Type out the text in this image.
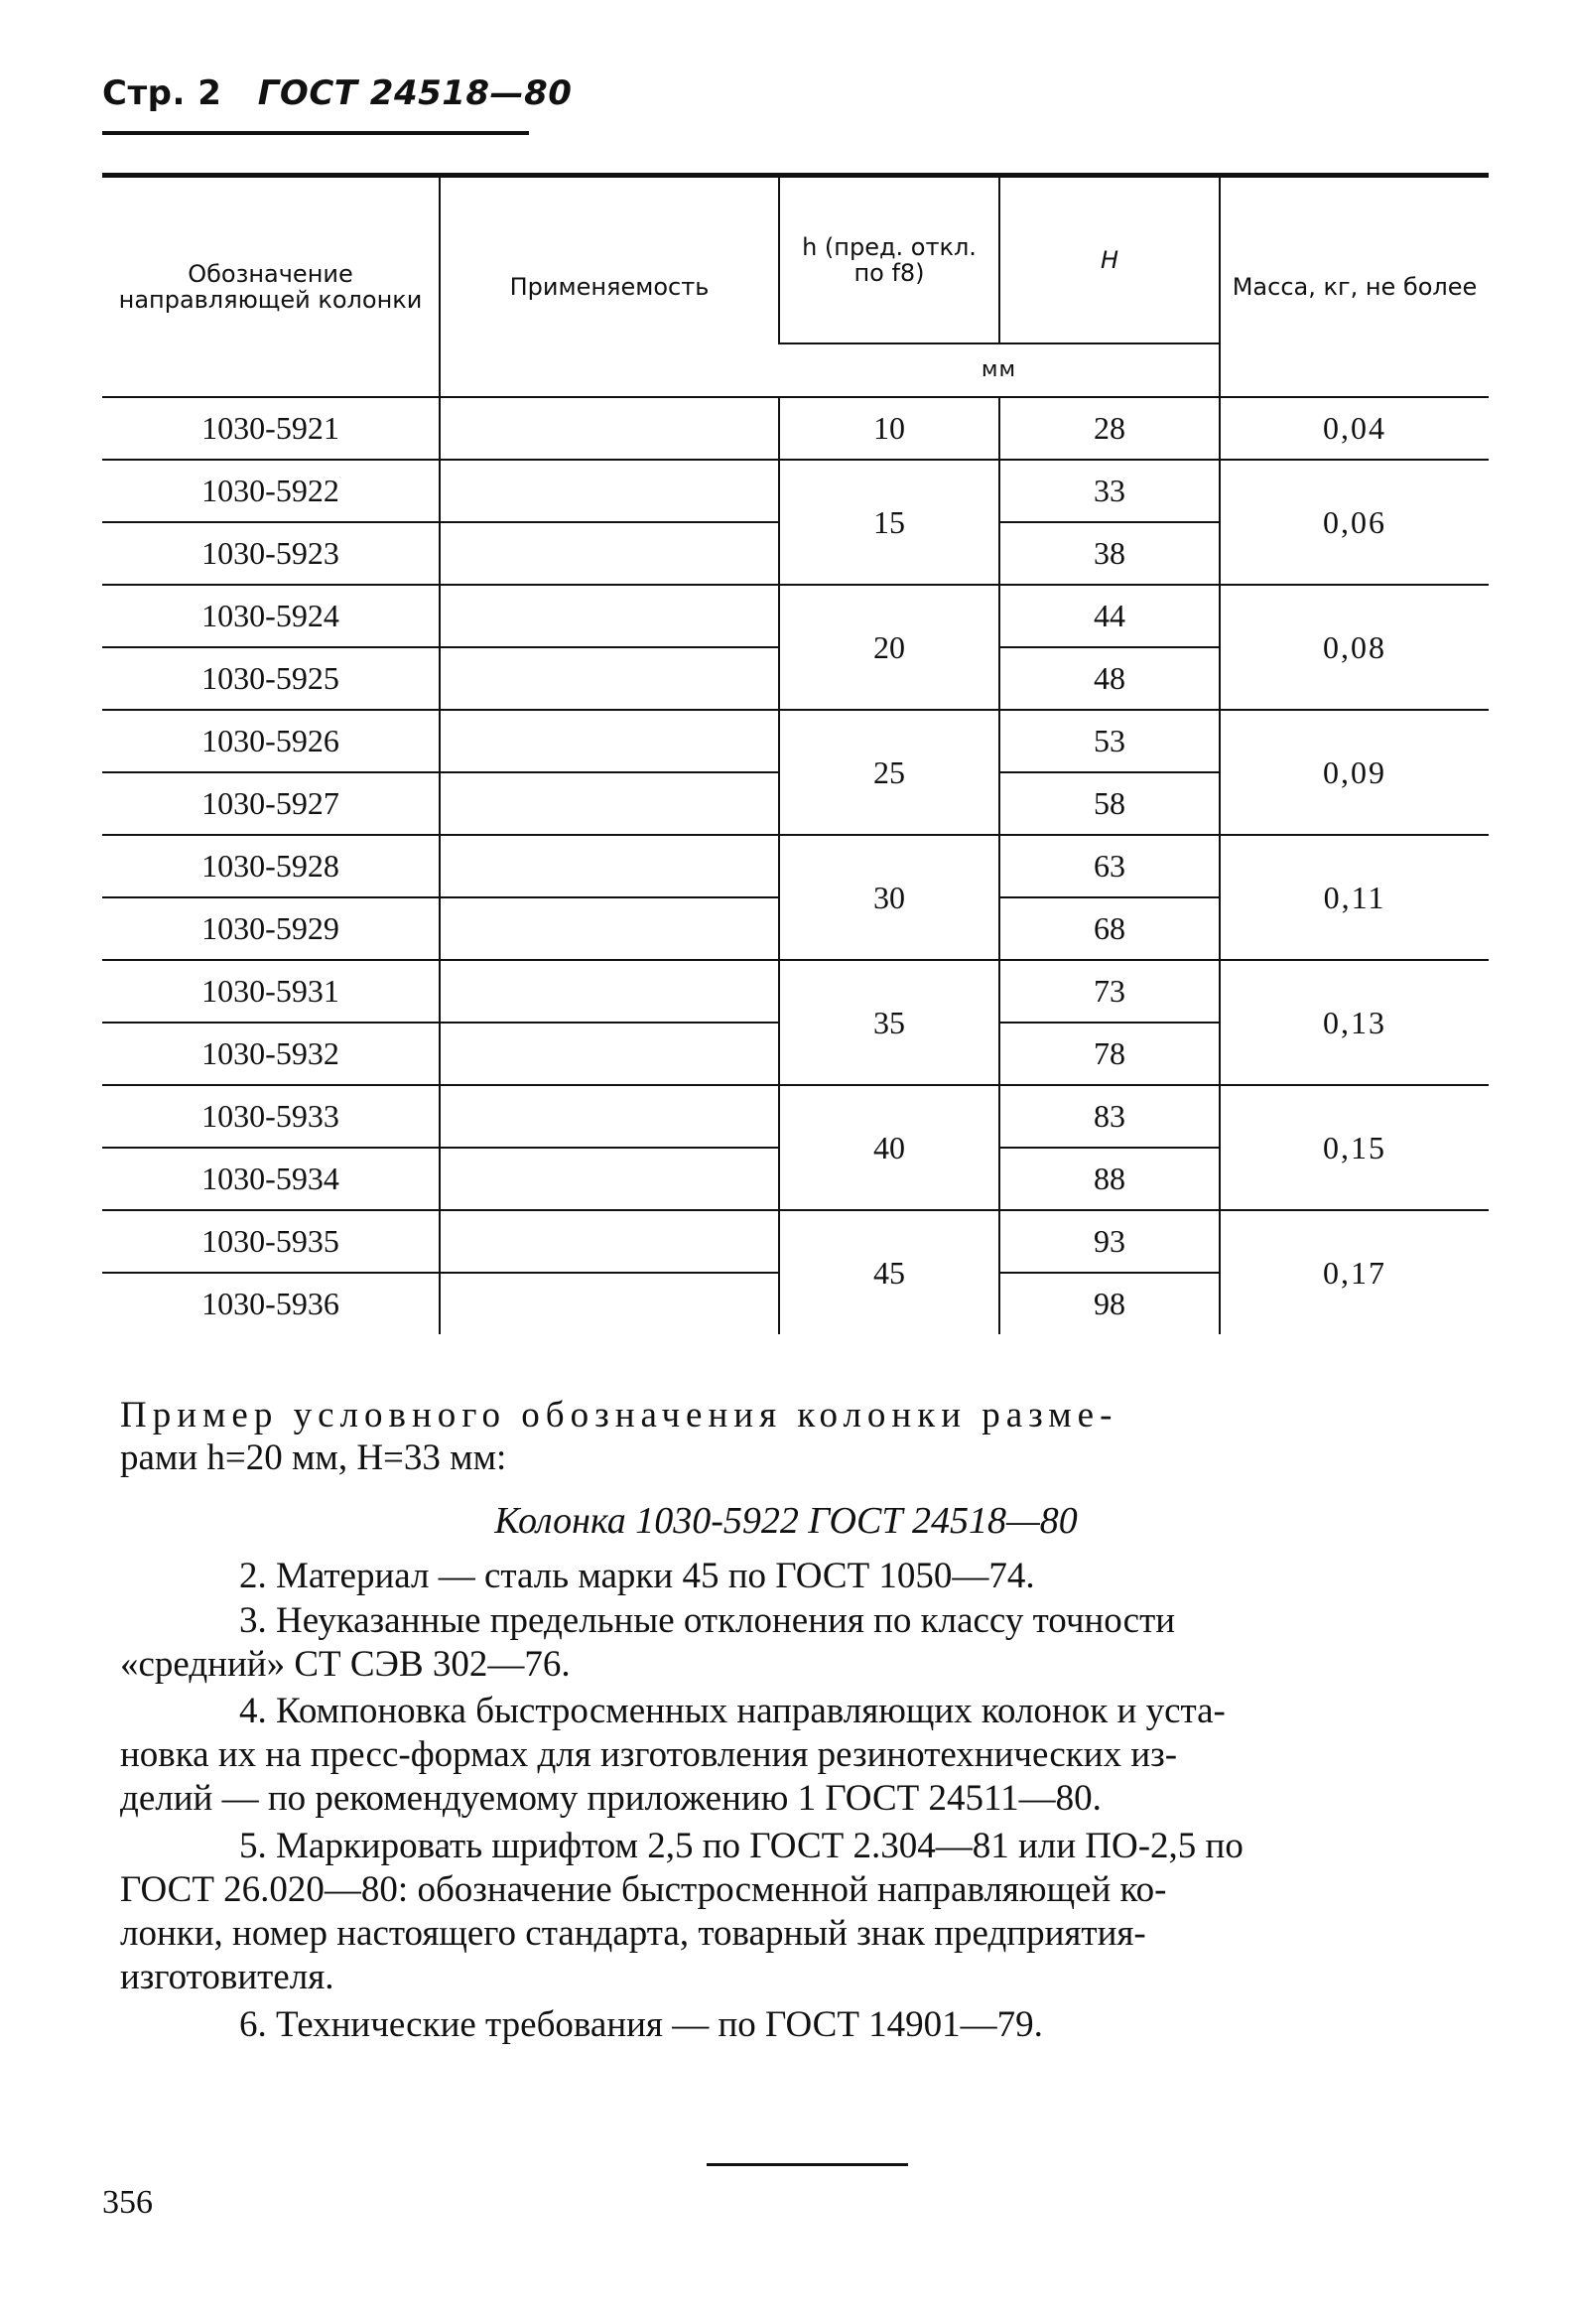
Стр. 2 ГОСТ 24518—80
Обозначение направляющей колонки	Применяемость	h (пред. откл. по f8)	H	Масса, кг, не более
		мм		
1030-5921		10	28	0,04
1030-5922		15	33	0,06
1030-5923			38	
1030-5924		20	44	0,08
1030-5925			48	
1030-5926		25	53	0,09
1030-5927			58	
1030-5928		30	63	0,11
1030-5929			68	
1030-5931		35	73	0,13
1030-5932			78	
1030-5933		40	83	0,15
1030-5934			88	
1030-5935		45	93	0,17
1030-5936			98	
Пример условного обозначения колонки разме-
рами h=20 мм, H=33 мм:
Колонка 1030-5922 ГОСТ 24518—80
2. Материал — сталь марки 45 по ГОСТ 1050—74.
3. Неуказанные предельные отклонения по классу точности
«средний» СТ СЭВ 302—76.
4. Компоновка быстросменных направляющих колонок и уста-
новка их на пресс-формах для изготовления резинотехнических из-
делий — по рекомендуемому приложению 1 ГОСТ 24511—80.
5. Маркировать шрифтом 2,5 по ГОСТ 2.304—81 или ПО-2,5 по
ГОСТ 26.020—80: обозначение быстросменной направляющей ко-
лонки, номер настоящего стандарта, товарный знак предприятия-
изготовителя.
6. Технические требования — по ГОСТ 14901—79.
356
